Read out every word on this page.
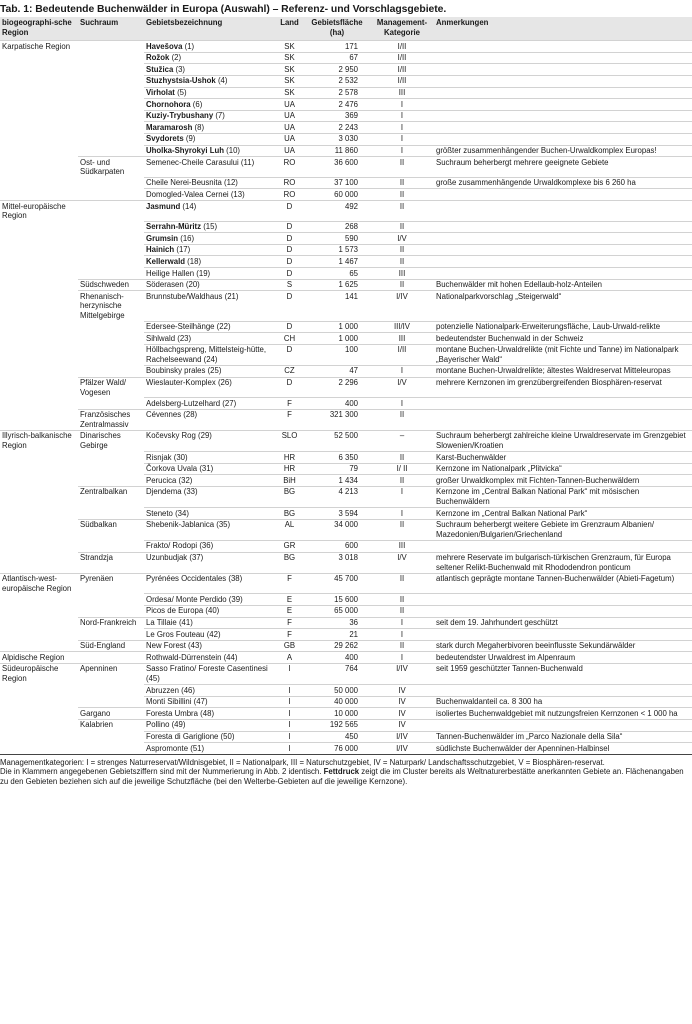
Tab. 1: Bedeutende Buchenwälder in Europa (Auswahl) – Referenz- und Vorschlagsgebiete.
biogeographi-sche Region	Suchraum	Gebietsbezeichnung	Land	Gebietsfläche (ha)	Management-Kategorie	Anmerkungen
Karpatische Region		Havešova (1)	SK	171	I/II	
		Rožok (2)	SK	67	I/II	
		Stužica (3)	SK	2 950	I/II	
		Stuzhystsia-Ushok (4)	SK	2 532	I/II	
		Virholat (5)	SK	2 578	III	
		Chornohora (6)	UA	2 476	I	
		Kuziy-Trybushany (7)	UA	369	I	
		Maramarosh (8)	UA	2 243	I	
		Svydorets (9)	UA	3 030	I	
		Uholka-Shyrokyi Luh (10)	UA	11 860	I	größter zusammenhängender Buchen-Urwaldkomplex Europas!
	Ost- und Südkarpaten	Semenec-Cheile Carasului (11)	RO	36 600	II	Suchraum beherbergt mehrere geeignete Gebiete
		Cheile Nerei-Beusnita (12)	RO	37 100	II	große zusammenhängende Urwaldkomplexe bis 6 260 ha
		Domogled-Valea Cernei (13)	RO	60 000	II	
Mittel-europäische Region		Jasmund (14)	D	492	II	
		Serrahn-Müritz (15)	D	268	II	
		Grumsin (16)	D	590	I/V	
		Hainich (17)	D	1 573	II	
		Kellerwald (18)	D	1 467	II	
		Heilige Hallen (19)	D	65	III	
	Südschweden	Söderasen (20)	S	1 625	II	Buchenwälder mit hohen Edellaub-holz-Anteilen
	Rhenanisch-herzynische Mittelgebirge	Brunnstube/Waldhaus (21)	D	141	I/IV	Nationalparkvorschlag „Steigerwald“
		Edersee-Steilhänge (22)	D	1 000	III/IV	potenzielle Nationalpark-Erweiterungsfläche, Laub-Urwald-relikte
		Sihlwald (23)	CH	1 000	III	bedeutendster Buchenwald in der Schweiz
		Höllbachgspreng, Mittelsteig-hütte, Rachelseewand (24)	D	100	I/II	montane Buchen-Urwaldrelikte (mit Fichte und Tanne) im Nationalpark „Bayerischer Wald“
		Boubinsky prales (25)	CZ	47	I	montane Buchen-Urwaldrelikte; ältestes Waldreservat Mitteleuropas
	Pfälzer Wald/ Vogesen	Wieslauter-Komplex (26)	D	2 296	I/V	mehrere Kernzonen im grenzübergreifenden Biosphären-reservat
		Adelsberg-Lutzelhard (27)	F	400	I	
	Französisches Zentralmassiv	Cévennes (28)	F	321 300	II	
Illyrisch-balkanische Region	Dinarisches Gebirge	Kočevsky Rog (29)	SLO	52 500	–	Suchraum beherbergt zahlreiche kleine Urwaldreservate im Grenzgebiet Slowenien/Kroatien
		Risnjak (30)	HR	6 350	II	Karst-Buchenwälder
		Čorkova Uvala (31)	HR	79	I/ II	Kernzone im Nationalpark „Plitvicka“
		Perucica (32)	BiH	1 434	II	großer Urwaldkomplex mit Fichten-Tannen-Buchenwäldern
	Zentralbalkan	Djendema (33)	BG	4 213	I	Kernzone im „Central Balkan National Park“ mit mösischen Buchenwäldern
		Steneto (34)	BG	3 594	I	Kernzone im „Central Balkan National Park“
	Südbalkan	Shebenik-Jablanica (35)	AL	34 000	II	Suchraum beherbergt weitere Gebiete im Grenzraum Albanien/ Mazedonien/Bulgarien/Griechenland
		Frakto/ Rodopi (36)	GR	600	III	
	Strandzja	Uzunbudjak (37)	BG	3 018	I/V	mehrere Reservate im bulgarisch-türkischen Grenzraum, für Europa seltener Relikt-Buchenwald mit Rhododendron ponticum
Atlantisch-west-europäische Region	Pyrenäen	Pyrénées Occidentales (38)	F	45 700	II	atlantisch geprägte montane Tannen-Buchenwälder (Abieti-Fagetum)
		Ordesa/ Monte Perdido (39)	E	15 600	II	
		Picos de Europa (40)	E	65 000	II	
	Nord-Frankreich	La Tillaie (41)	F	36	I	seit dem 19. Jahrhundert geschützt
		Le Gros Fouteau (42)	F	21	I	
	Süd-England	New Forest (43)	GB	29 262	II	stark durch Megaherbivoren beeinflusste Sekundärwälder
Alpidische Region		Rothwald-Dürrenstein (44)	A	400	I	bedeutendster Urwaldrest im Alpenraum
Südeuropäische Region	Apenninen	Sasso Fratino/ Foreste Casentinesi (45)	I	764	I/IV	seit 1959 geschützter Tannen-Buchenwald
		Abruzzen (46)	I	50 000	IV	
		Monti Sibillini (47)	I	40 000	IV	Buchenwaldanteil ca. 8 300 ha
	Gargano	Foresta Umbra (48)	I	10 000	IV	isoliertes Buchenwaldgebiet mit nutzungsfreien Kernzonen < 1 000 ha
	Kalabrien	Pollino (49)	I	192 565	IV	
		Foresta di Gariglione (50)	I	450	I/IV	Tannen-Buchenwälder im „Parco Nazionale della Sila“
		Aspromonte (51)	I	76 000	I/IV	südlichste Buchenwälder der Apenninen-Halbinsel

Managementkategorien: I = strenges Naturreservat/Wildnisgebiet, II = Nationalpark, III = Naturschutzgebiet, IV = Naturpark/ Landschaftsschutzgebiet, V = Biosphären-reservat.

Die in Klammern angegebenen Gebietsziffern sind mit der Nummerierung in Abb. 2 identisch. Fettdruck zeigt die im Cluster bereits als Weltnaturerbestätte anerkannten Gebiete an. Flächenangaben zu den Gebieten beziehen sich auf die jeweilige Schutzfläche (bei den Welterbe-Gebieten auf die jeweilige Kernzone).
